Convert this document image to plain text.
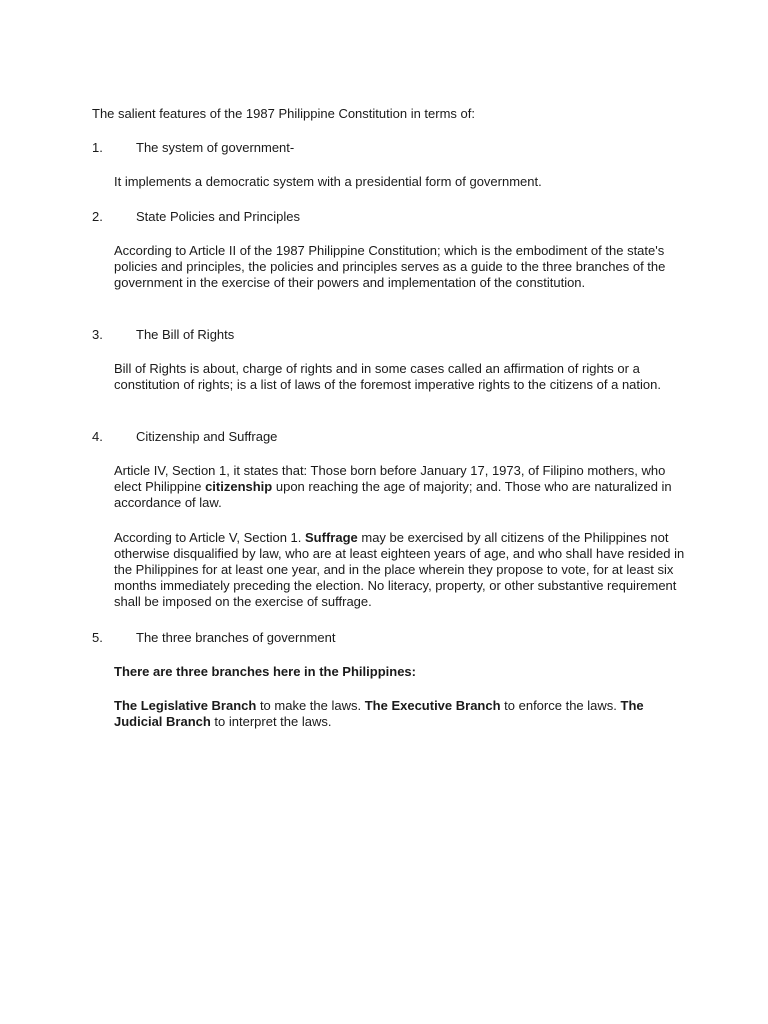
The salient features of the 1987 Philippine Constitution in terms of:
1.	The system of government-
It implements a democratic system with a presidential form of government.
2.	State Policies and Principles
According to Article II of the 1987 Philippine Constitution; which is the embodiment of the state's policies and principles, the policies and principles serves as a guide to the three branches of the government in the exercise of their powers and implementation of the constitution.
3.	The Bill of Rights
Bill of Rights is about, charge of rights and in some cases called an affirmation of rights or a constitution of rights; is a list of laws of the foremost imperative rights to the citizens of a nation.
4.	Citizenship and Suffrage
Article IV, Section 1, it states that: Those born before January 17, 1973, of Filipino mothers, who elect Philippine citizenship upon reaching the age of majority; and. Those who are naturalized in accordance of law.
According to Article V, Section 1. Suffrage may be exercised by all citizens of the Philippines not otherwise disqualified by law, who are at least eighteen years of age, and who shall have resided in the Philippines for at least one year, and in the place wherein they propose to vote, for at least six months immediately preceding the election. No literacy, property, or other substantive requirement shall be imposed on the exercise of suffrage.
5.	The three branches of government
There are three branches here in the Philippines:
The Legislative Branch to make the laws. The Executive Branch to enforce the laws. The Judicial Branch to interpret the laws.
